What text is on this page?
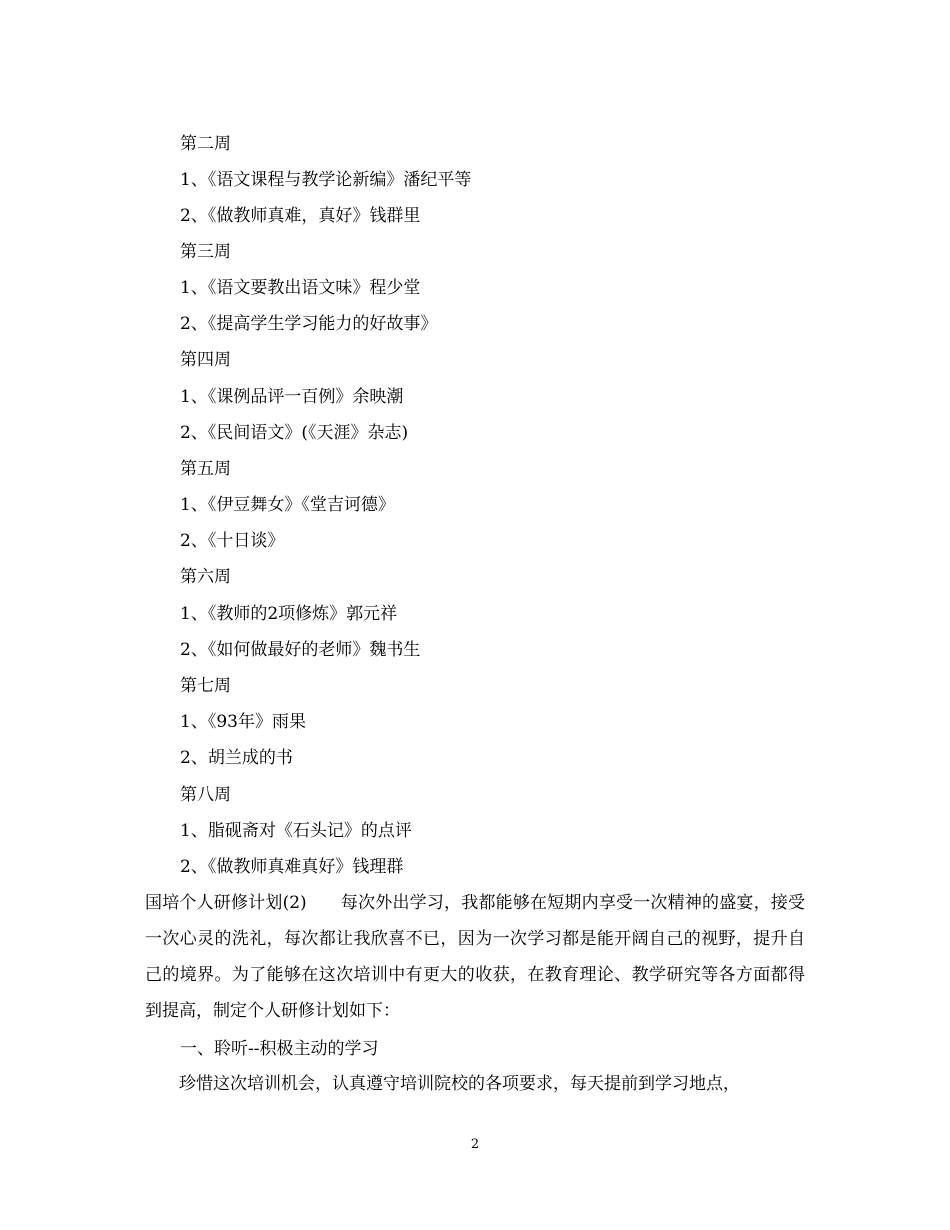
第二周
1、《语文课程与教学论新编》潘纪平等
2、《做教师真难，真好》钱群里
第三周
1、《语文要教出语文味》程少堂
2、《提高学生学习能力的好故事》
第四周
1、《课例品评一百例》余映潮
2、《民间语文》(《天涯》杂志)
第五周
1、《伊豆舞女》《堂吉诃德》
2、《十日谈》
第六周
1、《教师的2项修炼》郭元祥
2、《如何做最好的老师》魏书生
第七周
1、《93年》雨果
2、胡兰成的书
第八周
1、脂砚斋对《石头记》的点评
2、《做教师真难真好》钱理群
国培个人研修计划(2) 每次外出学习，我都能够在短期内享受一次精神的盛宴，接受一次心灵的洗礼，每次都让我欣喜不已，因为一次学习都是能开阔自己的视野，提升自己的境界。为了能够在这次培训中有更大的收获，在教育理论、教学研究等各方面都得到提高，制定个人研修计划如下：
一、聆听--积极主动的学习
珍惜这次培训机会，认真遵守培训院校的各项要求，每天提前到学习地点，
2
